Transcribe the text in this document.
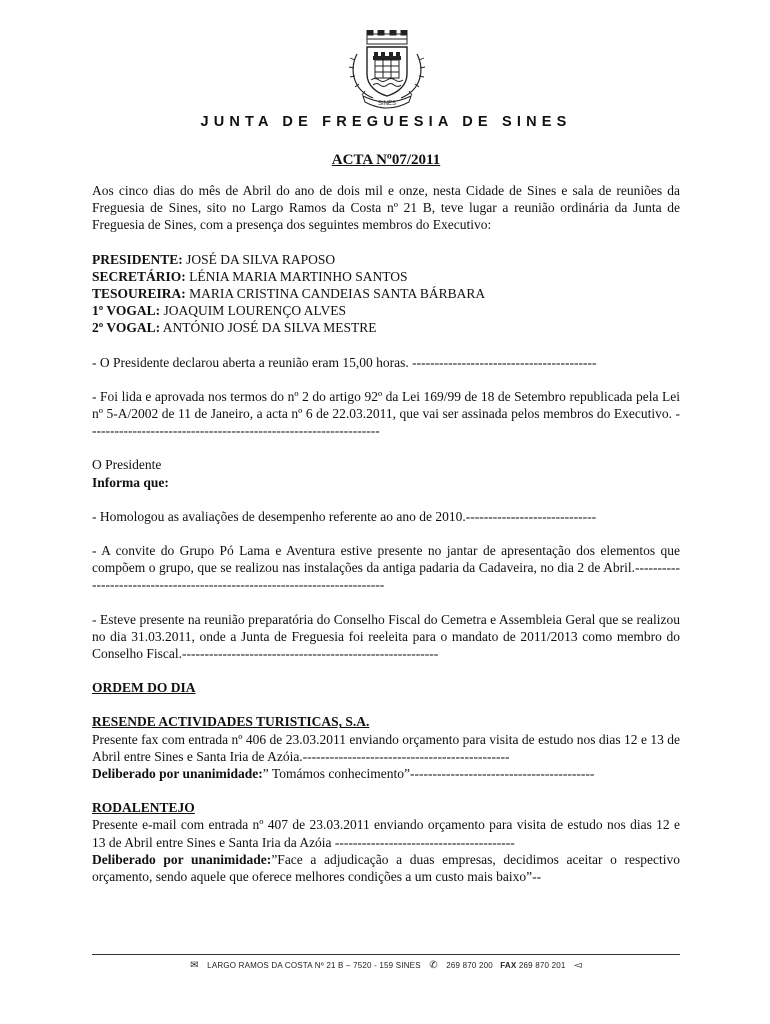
SINES
JUNTA DE FREGUESIA DE SINES
ACTA Nº07/2011

Aos cinco dias do mês de Abril do ano de dois mil e onze, nesta Cidade de Sines e sala de reuniões da Freguesia de Sines, sito no Largo Ramos da Costa nº 21 B, teve lugar a reunião ordinária da Junta de Freguesia de Sines, com a presença dos seguintes membros do Executivo:

PRESIDENTE: JOSÉ DA SILVA RAPOSO
SECRETÁRIO: LÉNIA MARIA MARTINHO SANTOS
TESOUREIRA: MARIA CRISTINA CANDEIAS SANTA BÁRBARA
1º VOGAL: JOAQUIM LOURENÇO ALVES
2º VOGAL: ANTÓNIO JOSÉ DA SILVA MESTRE

- O Presidente declarou aberta a reunião eram 15,00 horas. -----------------------------------------

- Foi lida e aprovada nos termos do nº 2 do artigo 92º da Lei 169/99 de 18 de Setembro republicada pela Lei nº 5-A/2002 de 11 de Janeiro, a acta nº 6 de 22.03.2011, que vai ser assinada pelos membros do Executivo. -----------------------------------------------------------------

O Presidente
Informa que:

- Homologou as avaliações de desempenho referente ao ano de 2010.-----------------------------

- A convite do Grupo Pó Lama e Aventura estive presente no jantar de apresentação dos elementos que compõem o grupo, que se realizou nas instalações da antiga padaria da Cadaveira, no dia 2 de Abril.---------------------------------------------------------------------------

- Esteve presente na reunião preparatória do Conselho Fiscal do Cemetra e Assembleia Geral que se realizou no dia 31.03.2011, onde a Junta de Freguesia foi reeleita para o mandato de 2011/2013 como membro do Conselho Fiscal.---------------------------------------------------------

ORDEM DO DIA
RESENDE ACTIVIDADES TURISTICAS, S.A.

Presente fax com entrada nº 406 de 23.03.2011 enviando orçamento para visita de estudo nos dias 12 e 13 de Abril entre Sines e Santa Iria de Azóia.----------------------------------------------

Deliberado por unanimidade:” Tomámos conhecimento”-----------------------------------------

RODALENTEJO

Presente e-mail com entrada nº 407 de 23.03.2011 enviando orçamento para visita de estudo nos dias 12 e 13 de Abril entre Sines e Santa Iria da Azóia ----------------------------------------

Deliberado por unanimidade:”Face a adjudicação a duas empresas, decidimos aceitar o respectivo orçamento, sendo aquele que oferece melhores condições a um custo mais baixo”--

✉ LARGO RAMOS DA COSTA Nº 21 B – 7520 - 159 SINES ✆ 269 870 200 FAX 269 870 201 ◅
